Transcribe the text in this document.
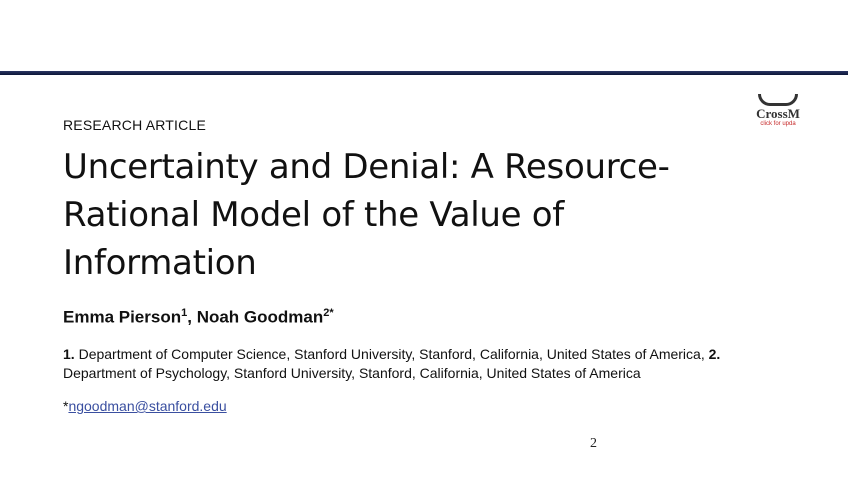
CrossM
click for upda
RESEARCH ARTICLE
Uncertainty and Denial: A Resource-
Rational Model of the Value of
Information
Emma Pierson$^1$, Noah Goodman$^{2*}$
1. Department of Computer Science, Stanford University, Stanford, California, United States of America, 2. Department of Psychology, Stanford University, Stanford, California, United States of America
*ngoodman@stanford.edu
2
